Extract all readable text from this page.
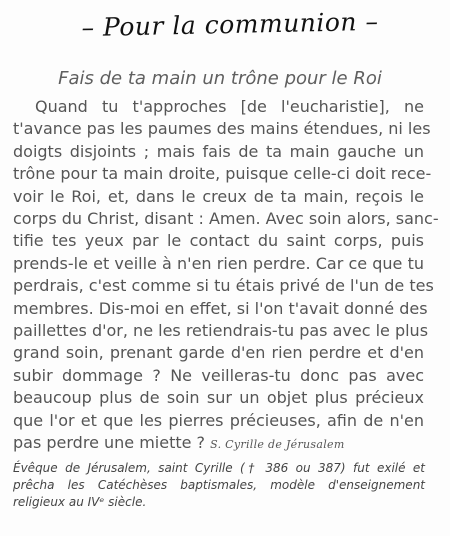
– Pour la communion –
Fais de ta main un trône pour le Roi
Quand tu t'approches [de l'eucharistie], ne
t'avance pas les paumes des mains étendues, ni les
doigts disjoints ; mais fais de ta main gauche un
trône pour ta main droite, puisque celle-ci doit rece-
voir le Roi, et, dans le creux de ta main, reçois le
corps du Christ, disant : Amen. Avec soin alors, sanc-
tifie tes yeux par le contact du saint corps, puis
prends-le et veille à n'en rien perdre. Car ce que tu
perdrais, c'est comme si tu étais privé de l'un de tes
membres. Dis-moi en effet, si l'on t'avait donné des
paillettes d'or, ne les retiendrais-tu pas avec le plus
grand soin, prenant garde d'en rien perdre et d'en
subir dommage ? Ne veilleras-tu donc pas avec
beaucoup plus de soin sur un objet plus précieux
que l'or et que les pierres précieuses, afin de n'en
pas perdre une miette ? S. Cyrille de Jérusalem
Évêque de Jérusalem, saint Cyrille († 386 ou 387) fut exilé et
prêcha les Catéchèses baptismales, modèle d'enseignement
religieux au IVᵉ siècle.
